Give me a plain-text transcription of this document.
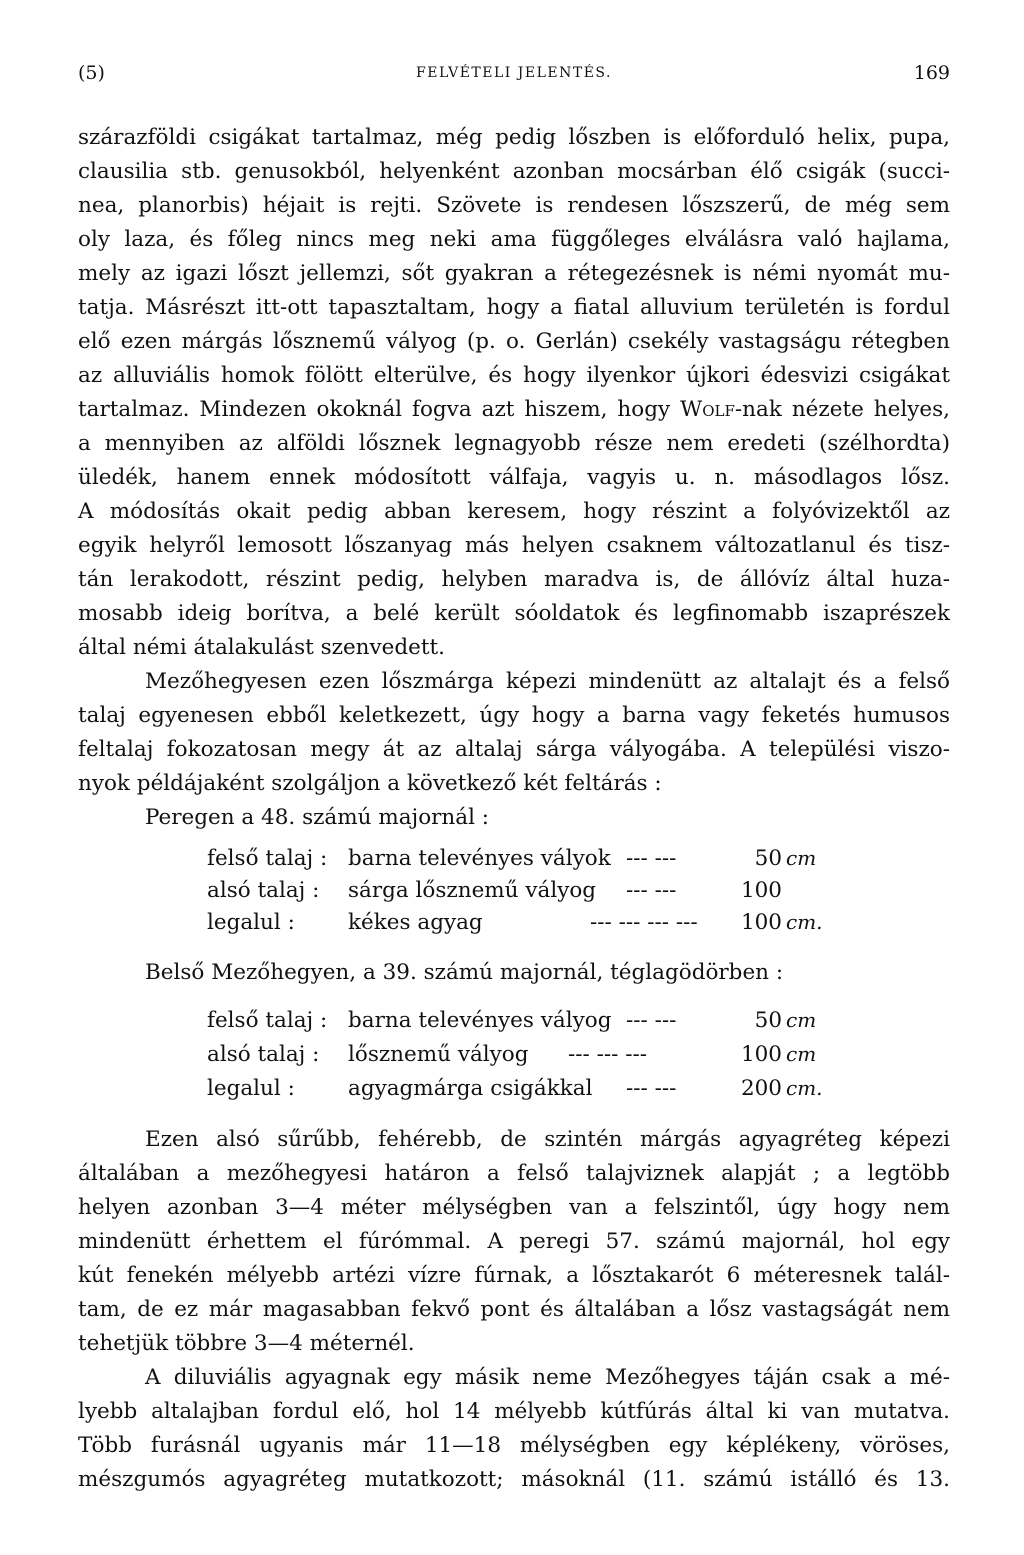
(5)	FELVÉTELI JELENTÉS.	169
szárazföldi csigákat tartalmaz, még pedig lőszben is előforduló helix, pupa,
clausilia stb. genusokból, helyenként azonban mocsárban élő csigák (succi-
nea, planorbis) héjait is rejti. Szövete is rendesen lőszszerű, de még sem
oly laza, és főleg nincs meg neki ama függőleges elválásra való hajlama,
mely az igazi lőszt jellemzi, sőt gyakran a rétegezésnek is némi nyomát mu-
tatja. Másrészt itt-ott tapasztaltam, hogy a fiatal alluvium területén is fordul
elő ezen márgás lősznemű vályog (p. o. Gerlán) csekély vastagságu rétegben
az alluviális homok fölött elterülve, és hogy ilyenkor újkori édesvizi csigákat
tartalmaz. Mindezen okoknál fogva azt hiszem, hogy Wolf-nak nézete helyes,
a mennyiben az alföldi lősznek legnagyobb része nem eredeti (szélhordta)
üledék, hanem ennek módosított válfaja, vagyis u. n. másodlagos lősz.
A módosítás okait pedig abban keresem, hogy részint a folyóvizektől az
egyik helyről lemosott lőszanyag más helyen csaknem változatlanul és tisz-
tán lerakodott, részint pedig, helyben maradva is, de állóvíz által huza-
mosabb ideig borítva, a belé került sóoldatok és legfinomabb iszaprészek
által némi átalakulást szenvedett.
Mezőhegyesen ezen lőszmárga képezi mindenütt az altalajt és a felső
talaj egyenesen ebből keletkezett, úgy hogy a barna vagy feketés humusos
feltalaj fokozatosan megy át az altalaj sárga vályogába. A települési viszo-
nyok példájaként szolgáljon a következő két feltárás :
Peregen a 48. számú majornál :
felső talaj : barna televényes vályok --- ---	50 cm
alsó talaj : sárga lősznemű vályog --- ---	100
legalul : kékes agyag	--- --- --- ---	100 cm.
Belső Mezőhegyen, a 39. számú majornál, téglagödörben :
felső talaj : barna televényes vályog --- ---	50 cm
alsó talaj : lősznemű vályog --- --- ---	100 cm
legalul : agyagmárga csigákkal --- ---	200 cm.
Ezen alsó sűrűbb, fehérebb, de szintén márgás agyagréteg képezi
általában a mezőhegyesi határon a felső talajviznek alapját ; a legtöbb
helyen azonban 3—4 méter mélységben van a felszintől, úgy hogy nem
mindenütt érhettem el fúrómmal. A peregi 57. számú majornál, hol egy
kút fenekén mélyebb artézi vízre fúrnak, a lősztakarót 6 méteresnek talál-
tam, de ez már magasabban fekvő pont és általában a lősz vastagságát nem
tehetjük többre 3—4 méternél.
A diluviális agyagnak egy másik neme Mezőhegyes táján csak a mé-
lyebb altalajban fordul elő, hol 14 mélyebb kútfúrás által ki van mutatva.
Több furásnál ugyanis már 11—18 mélységben egy képlékeny, vöröses,
mészgumós agyagréteg mutatkozott; másoknál (11. számú istálló és 13.
